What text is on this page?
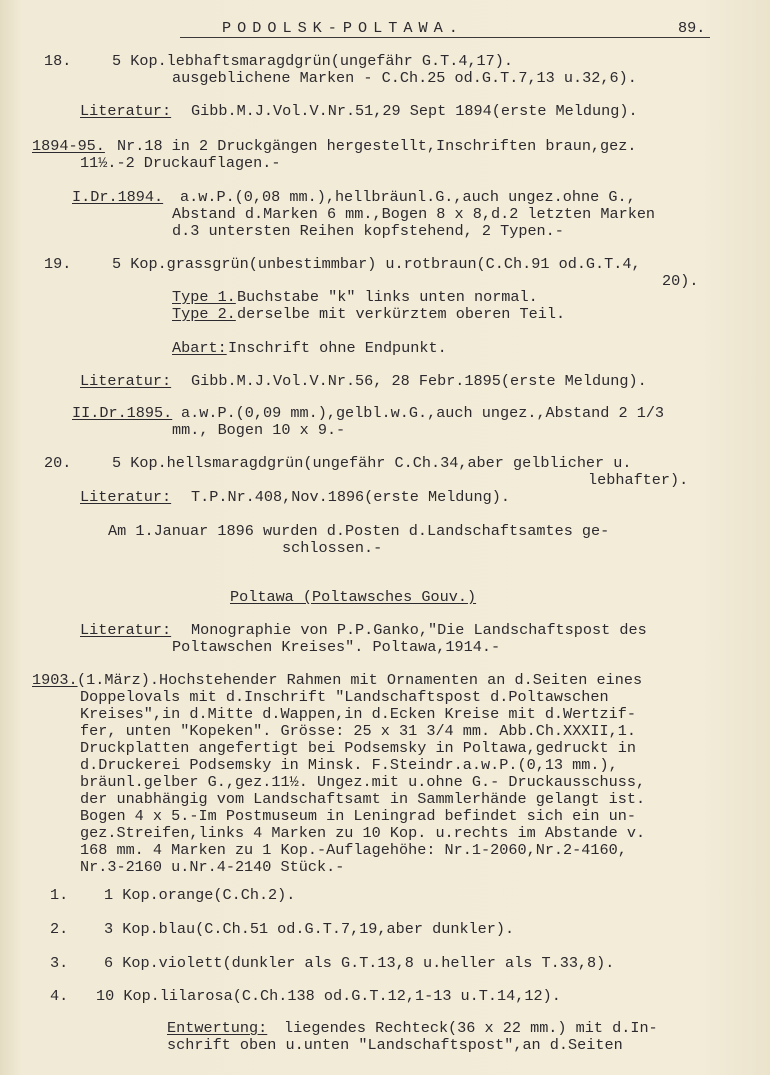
PODOLSK-POLTAWA.	89.
18.	5 Kop.lebhaftsmaragdgrün(ungefähr G.T.4,17).
ausgeblichene Marken - C.Ch.25 od.G.T.7,13 u.32,6).
Literatur: Gibb.M.J.Vol.V.Nr.51,29 Sept 1894(erste Meldung).
1894-95. Nr.18 in 2 Druckgängen hergestellt,Inschriften braun,gez.
11½.-2 Druckauflagen.-
I.Dr.1894. a.w.P.(0,08 mm.),hellbräunl.G.,auch ungez.ohne G.,
Abstand d.Marken 6 mm.,Bogen 8 x 8,d.2 letzten Marken
d.3 untersten Reihen kopfstehend, 2 Typen.-
19.	5 Kop.grassgrün(unbestimmbar) u.rotbraun(C.Ch.91 od.G.T.4,
20).
Type 1. Buchstabe "k" links unten normal.
Type 2. derselbe mit verkürztem oberen Teil.
Abart: Inschrift ohne Endpunkt.
Literatur: Gibb.M.J.Vol.V.Nr.56, 28 Febr.1895(erste Meldung).
II.Dr.1895. a.w.P.(0,09 mm.),gelbl.w.G.,auch ungez.,Abstand 2 1/3
mm., Bogen 10 x 9.-
20.	5 Kop.hellsmaragdgrün(ungefähr C.Ch.34,aber gelblicher u.
lebhafter).
Literatur: T.P.Nr.408,Nov.1896(erste Meldung).
Am 1.Januar 1896 wurden d.Posten d.Landschaftsamtes ge-
schlossen.-
Poltawa (Poltawsches Gouv.)
Literatur: Monographie von P.P.Ganko,"Die Landschaftspost des
Poltawschen Kreises". Poltawa,1914.-
1903. (1.März).Hochstehender Rahmen mit Ornamenten an d.Seiten eines
Doppelovals mit d.Inschrift "Landschaftspost d.Poltawschen
Kreises",in d.Mitte d.Wappen,in d.Ecken Kreise mit d.Wertzif-
fer, unten "Kopeken". Grösse: 25 x 31 3/4 mm. Abb.Ch.XXXII,1.
Druckplatten angefertigt bei Podsemsky in Poltawa,gedruckt in
d.Druckerei Podsemsky in Minsk. F.Steindr.a.w.P.(0,13 mm.),
bräunl.gelber G.,gez.11½. Ungez.mit u.ohne G.- Druckausschuss,
der unabhängig vom Landschaftsamt in Sammlerhände gelangt ist.
Bogen 4 x 5.-Im Postmuseum in Leningrad befindet sich ein un-
gez.Streifen,links 4 Marken zu 10 Kop. u.rechts im Abstande v.
168 mm. 4 Marken zu 1 Kop.-Auflagehöhe: Nr.1-2060,Nr.2-4160,
Nr.3-2160 u.Nr.4-2140 Stück.-
1. 1 Kop.orange(C.Ch.2).
2. 3 Kop.blau(C.Ch.51 od.G.T.7,19,aber dunkler).
3. 6 Kop.violett(dunkler als G.T.13,8 u.heller als T.33,8).
4. 10 Kop.lilarosa(C.Ch.138 od.G.T.12,1-13 u.T.14,12).
Entwertung: liegendes Rechteck(36 x 22 mm.) mit d.In-
schrift oben u.unten "Landschaftspost",an d.Seiten
